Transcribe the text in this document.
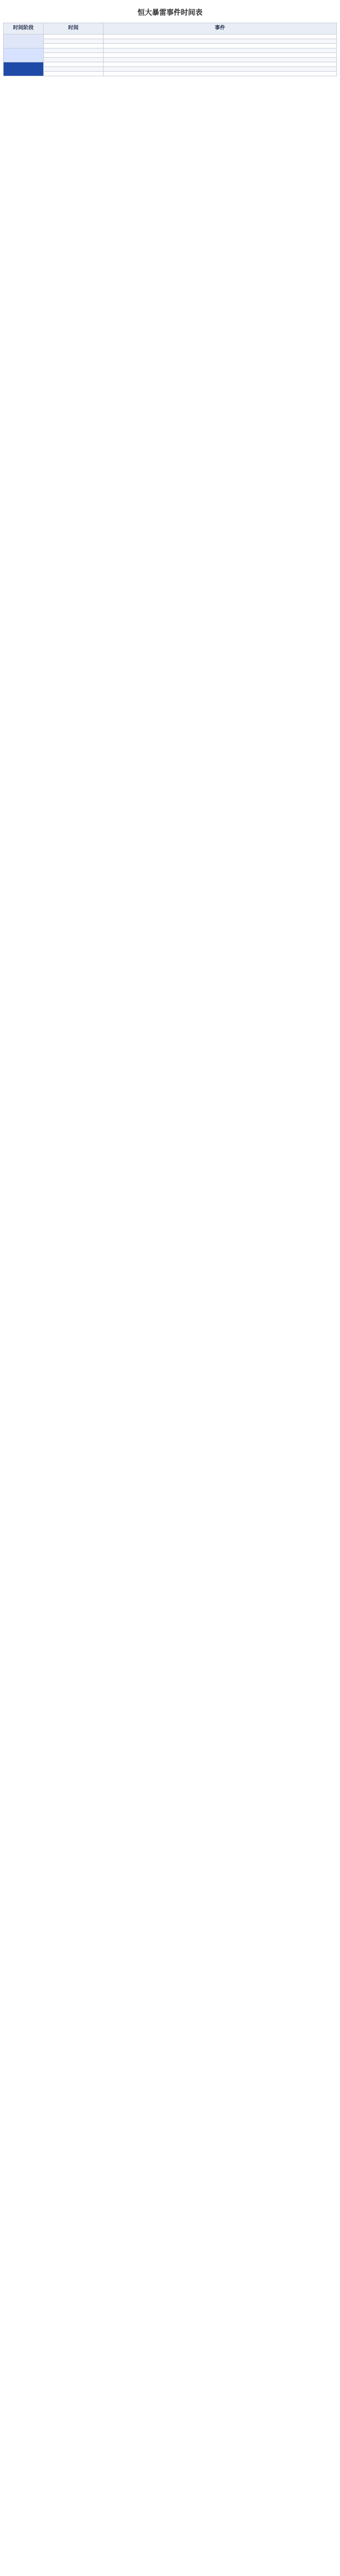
恒大暴雷事件时间表
时间阶段	时间	事件
